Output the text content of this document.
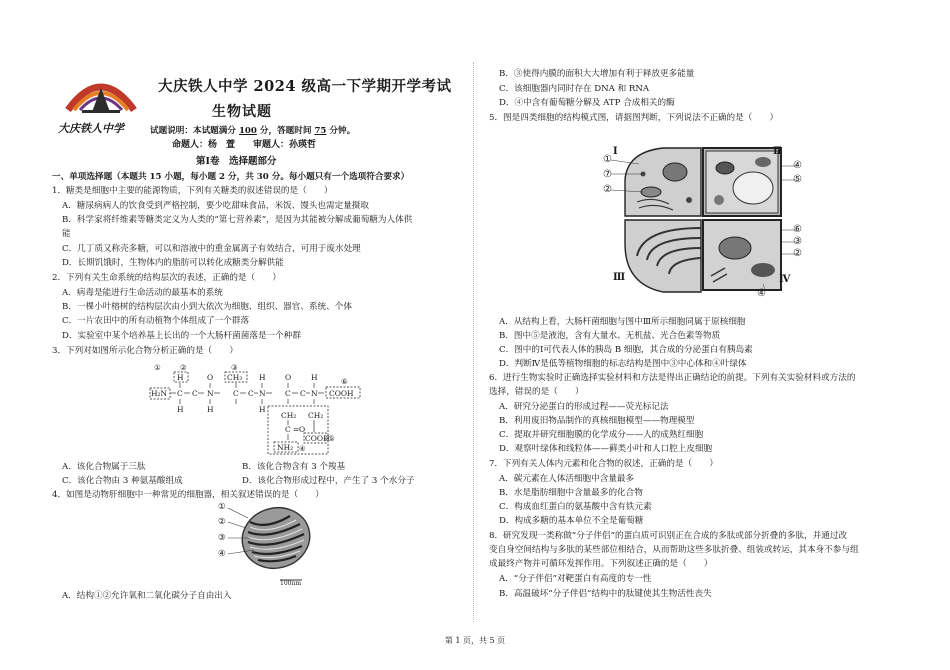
大庆铁人中学
大庆铁人中学 2024 级高一下学期开学考试
生物试题
试题说明：本试题满分 100 分，答题时间 75 分钟。
命题人：杨　萱　　审题人：孙瑛哲
第Ⅰ卷　选择题部分
一、单项选择题（本题共 15 小题，每小题 2 分，共 30 分。每小题只有一个选项符合要求）
1．糖类是细胞中主要的能源物质，下列有关糖类的叙述错误的是（　　）
A．糖尿病病人的饮食受到严格控制，要少吃甜味食品，米饭、馒头也需定量摄取
B．科学家将纤维素等糖类定义为人类的“第七营养素”，是因为其能被分解成葡萄糖为人体供
能
C．几丁质又称壳多糖，可以和溶液中的重金属离子有效结合，可用于废水处理
D．长期饥饿时，生物体内的脂肪可以转化成糖类分解供能
2．下列有关生命系统的结构层次的表述，正确的是（　　）
A．病毒是能进行生命活动的最基本的系统
B．一棵小叶榕树的结构层次由小到大依次为细胞、组织、器官、系统、个体
C．一片农田中的所有动植物个体组成了一个群落
D．实验室中某个培养基上长出的一个大肠杆菌菌落是一个种群
3．下列对如图所示化合物分析正确的是（　　）
①	②	③
⑥
H	CH₃
O	H	O	H
H₂N C C N	C C N	C C N COOH
H	H	H
CH₂ CH₂
C = O
COOH
⑤
NH₂ ④
A．该化合物属于三肽	B．该化合物含有 3 个羧基
C．该化合物由 3 种氨基酸组成	D．该化合物形成过程中，产生了 3 个水分子
4．如图是动物肝细胞中一种常见的细胞器，相关叙述错误的是（　　）
①
②
③
④
100nm
A．结构①②允许氧和二氧化碳分子自由出入
B．③使得内膜的面积大大增加有利于释放更多能量
C．该细胞器内同时存在 DNA 和 RNA
D．④中含有葡萄糖分解及 ATP 合成相关的酶
5．图是四类细胞的结构模式图，请据图判断，下列说法不正确的是（　　）
Ⅰ	Ⅱ
Ⅲ	Ⅳ
①
⑦
②
④
⑤
⑥
③
②
④
A．从结构上看，大肠杆菌细胞与图中Ⅲ所示细胞同属于原核细胞
B．图中⑤是液泡，含有大量水、无机盐、光合色素等物质
C．图中的Ⅰ可代表人体的胰岛 B 细胞，其合成的分泌蛋白有胰岛素
D．判断Ⅳ是低等植物细胞的标志结构是图中③中心体和④叶绿体
6．进行生物实验时正确选择实验材料和方法是得出正确结论的前提。下列有关实验材料或方法的
选择，错误的是（　　）
A．研究分泌蛋白的形成过程——荧光标记法
B．利用废旧物品制作的真核细胞模型——物理模型
C．提取并研究细胞膜的化学成分——人的成熟红细胞
D．观察叶绿体和线粒体——藓类小叶和人口腔上皮细胞
7．下列有关人体内元素和化合物的叙述，正确的是（　　）
A．碳元素在人体活细胞中含量最多
B．水是脂肪细胞中含量最多的化合物
C．构成血红蛋白的氨基酸中含有铁元素
D．构成多糖的基本单位不全是葡萄糖
8．研究发现一类称做“分子伴侣”的蛋白质可识别正在合成的多肽或部分折叠的多肽，并通过改
变自身空间结构与多肽的某些部位相结合，从而帮助这些多肽折叠、组装或转运，其本身不参与组
成最终产物并可循环发挥作用。下列叙述正确的是（　　）
A．“分子伴侣”对靶蛋白有高度的专一性
B．高温破坏“分子伴侣”结构中的肽键使其生物活性丧失
第 1 页，共 5 页
